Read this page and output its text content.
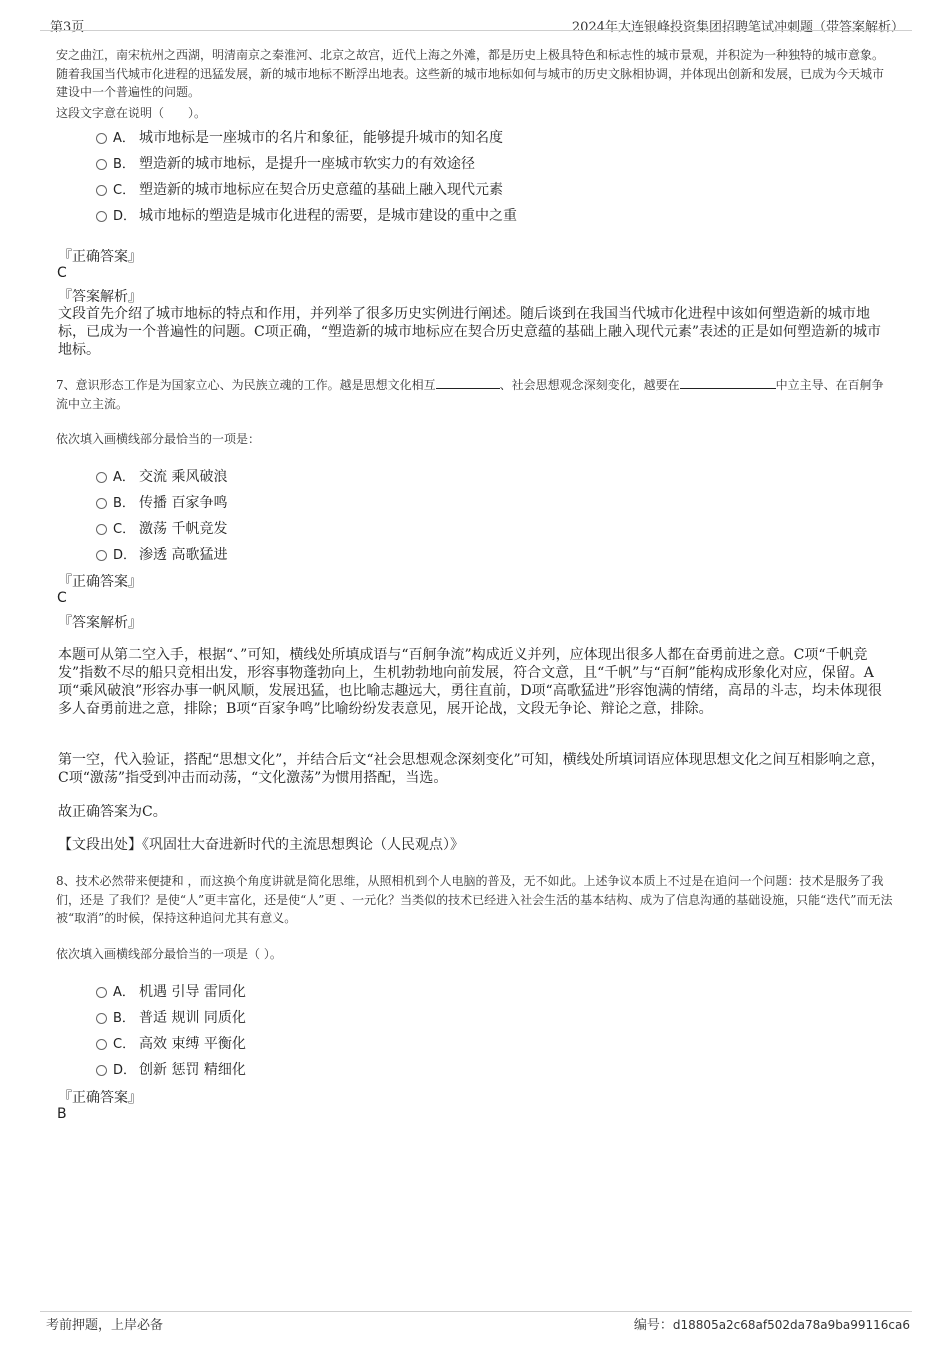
第3页	2024年大连银峰投资集团招聘笔试冲刺题（带答案解析）
安之曲江，南宋杭州之西湖，明清南京之秦淮河、北京之故宫，近代上海之外滩，都是历史上极具特色和标志性的城市景观，并积淀为一种独特的城市意象。随着我国当代城市化进程的迅猛发展，新的城市地标不断浮出地表。这些新的城市地标如何与城市的历史文脉相协调，并体现出创新和发展，已成为今天城市建设中一个普遍性的问题。
这段文字意在说明（　　）。
A． 城市地标是一座城市的名片和象征，能够提升城市的知名度
B． 塑造新的城市地标，是提升一座城市软实力的有效途径
C． 塑造新的城市地标应在契合历史意蕴的基础上融入现代元素
D． 城市地标的塑造是城市化进程的需要，是城市建设的重中之重
『正确答案』
C
『答案解析』
文段首先介绍了城市地标的特点和作用，并列举了很多历史实例进行阐述。随后谈到在我国当代城市化进程中该如何塑造新的城市地标，已成为一个普遍性的问题。C项正确，“塑造新的城市地标应在契合历史意蕴的基础上融入现代元素”表述的正是如何塑造新的城市地标。
7、意识形态工作是为国家立心、为民族立魂的工作。越是思想文化相互	、社会思想观念深刻变化，越要在	中立主导、在百舸争流中立主流。
依次填入画横线部分最恰当的一项是：
A． 交流 乘风破浪
B． 传播 百家争鸣
C． 激荡 千帆竞发
D． 渗透 高歌猛进
『正确答案』
C
『答案解析』
本题可从第二空入手，根据“、”可知，横线处所填成语与“百舸争流”构成近义并列，应体现出很多人都在奋勇前进之意。C项“千帆竞发”指数不尽的船只竞相出发，形容事物蓬勃向上，生机勃勃地向前发展，符合文意，且“千帆”与“百舸”能构成形象化对应，保留。A项“乘风破浪”形容办事一帆风顺，发展迅猛，也比喻志趣远大，勇往直前，D项“高歌猛进”形容饱满的情绪，高昂的斗志，均未体现很多人奋勇前进之意，排除；B项“百家争鸣”比喻纷纷发表意见，展开论战，文段无争论、辩论之意，排除。
第一空，代入验证，搭配“思想文化”，并结合后文“社会思想观念深刻变化”可知，横线处所填词语应体现思想文化之间互相影响之意，C项“激荡”指受到冲击而动荡，“文化激荡”为惯用搭配，当选。
故正确答案为C。
【文段出处】《巩固壮大奋进新时代的主流思想舆论（人民观点）》
8、技术必然带来便捷和 ，而这换个角度讲就是简化思维，从照相机到个人电脑的普及，无不如此。上述争议本质上不过是在追问一个问题：技术是服务了我们，还是 了我们？是使“人”更丰富化，还是使“人”更 、一元化？当类似的技术已经进入社会生活的基本结构、成为了信息沟通的基础设施，只能“迭代”而无法被“取消”的时候，保持这种追问尤其有意义。
依次填入画横线部分最恰当的一项是（ ）。
A． 机遇 引导 雷同化
B． 普适 规训 同质化
C． 高效 束缚 平衡化
D． 创新 惩罚 精细化
『正确答案』
B
考前押题，上岸必备	编号：d18805a2c68af502da78a9ba99116ca6
